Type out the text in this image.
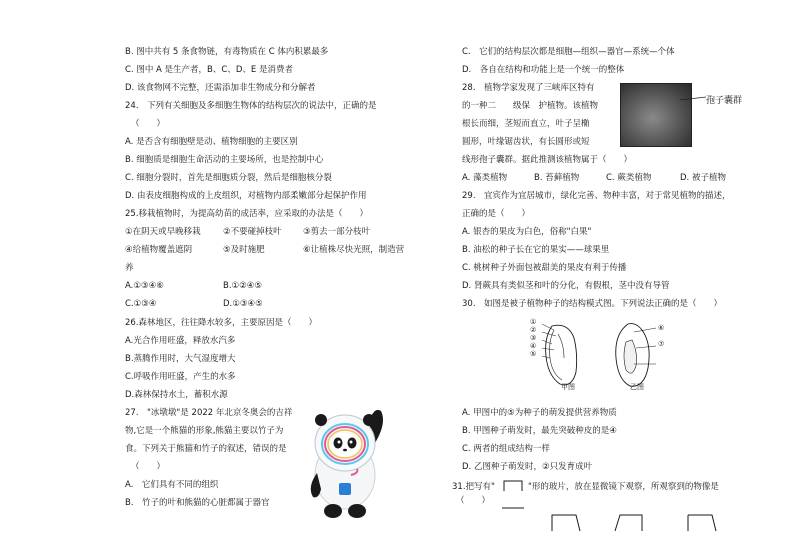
B. 图中共有 5 条食物链，有毒物质在 C 体内积累最多
C. 图中 A 是生产者，B、C、D、E 是消费者
D. 该食物网不完整，还需添加非生物成分和分解者
24.　下列有关细胞及多细胞生物体的结构层次的说法中，正确的是
（　　）
A. 是否含有细胞壁是动、植物细胞的主要区别
B. 细胞质是细胞生命活动的主要场所，也是控制中心
C. 细胞分裂时，首先是细胞质分裂，然后是细胞核分裂
D. 由表皮细胞构成的上皮组织，对植物内部柔嫩部分起保护作用
25.移栽植物时，为提高幼苗的成活率，应采取的办法是（　　）
①在阴天或早晚移栽	②不要碰掉枝叶	③剪去一部分枝叶
④给植物覆盖遮阴	⑤及时施肥	⑥让植株尽快光照，制造营
养
A.①③④⑥	B.①②④⑤
C.①③④	D.①③④⑤
26.森林地区，往往降水较多，主要原因是（　　）
A.光合作用旺盛，释放水汽多
B.蒸腾作用时，大气湿度增大
C.呼吸作用旺盛，产生的水多
D.森林保持水土，蓄积水源
27.　"冰墩墩"是 2022 年北京冬奥会的吉祥
物,它是一个熊猫的形象,熊猫主要以竹子为
食。下列关于熊猫和竹子的叙述，错误的是
（　　）
A.　它们具有不同的组织
B.　竹子的叶和熊猫的心脏都属于器官
C.　它们的结构层次都是细胞—组织—器官—系统—个体
D.　各自在结构和功能上是一个统一的整体
28.　植物学家发现了三峡库区特有
的一种二　　级保　护植物。该植物
根长而细，茎短而直立，叶子呈椭
圆形，叶缘锯齿状，有长圆形或短
线形孢子囊群。据此推测该植物属于（　　）
孢子囊群
A. 藻类植物	B. 苔藓植物	C. 蕨类植物	D. 被子植物
29.　宜宾作为宜居城市，绿化完善、物种丰富，对于常见植物的描述，
正确的是（　　）
A. 银杏的果皮为白色，俗称"白果"
B. 油松的种子长在它的果实——球果里
C. 桃树种子外面包被甜美的果皮有利于传播
D. 肾蕨具有类似茎和叶的分化，有假根，茎中没有导管
30.　如图是被子植物种子的结构模式图。下列说法正确的是（　　）
①
②
③
④
⑤
⑥
⑦
甲图	乙图
A. 甲图中的⑤为种子的萌发提供营养物质
B. 甲图种子萌发时，最先突破种皮的是④
C. 两者的组成结构一样
D. 乙图种子萌发时，②只发育成叶
31.把写有"	"形的玻片，放在显微镜下观察，所观察到的物像是
（　　）
